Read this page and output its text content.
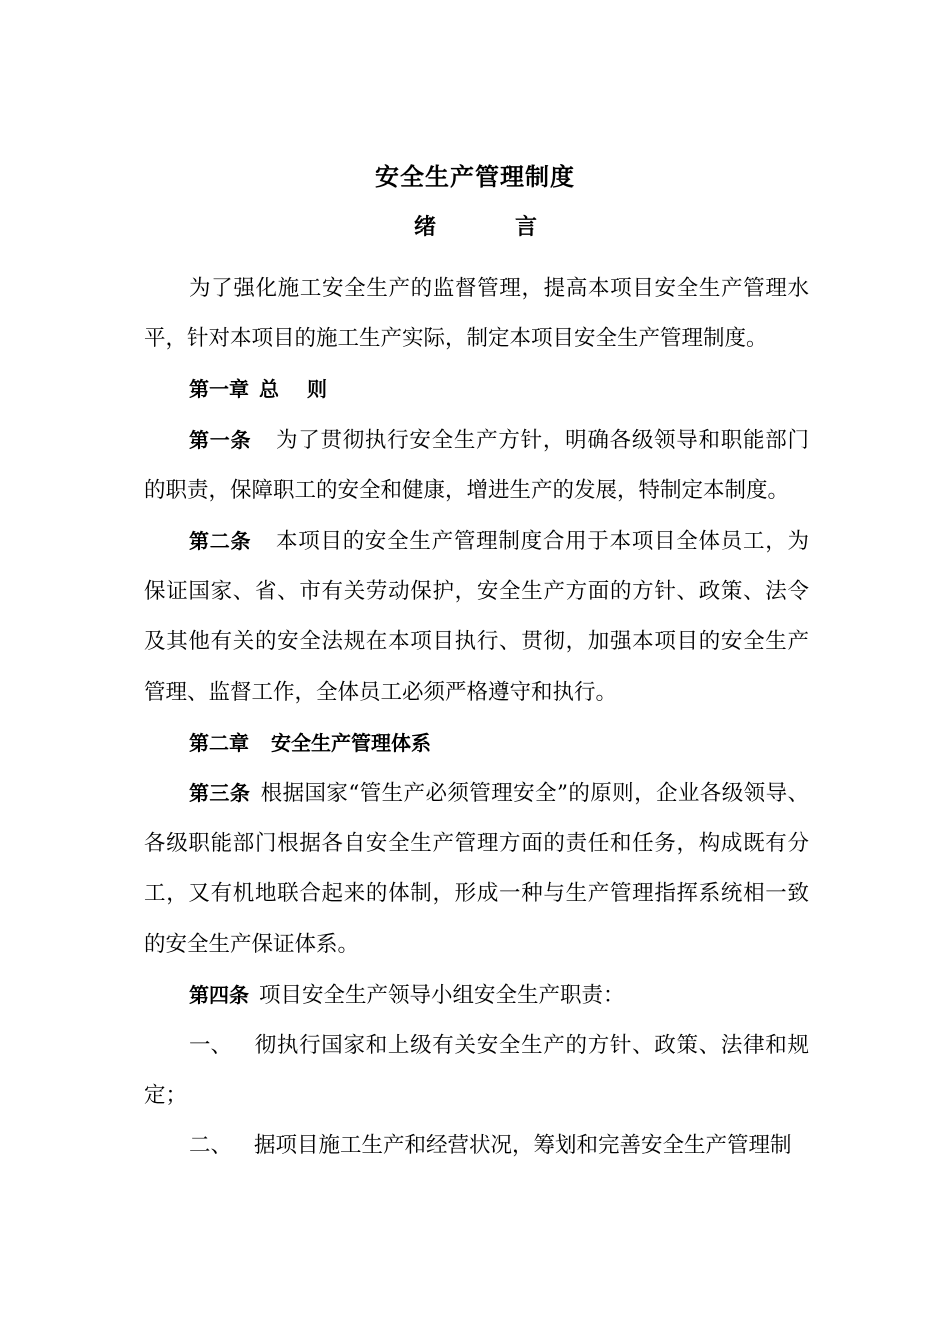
安全生产管理制度
绪	言

为了强化施工安全生产的监督管理，提高本项目安全生产管理水平，针对本项目的施工生产实际，制定本项目安全生产管理制度。

第一章 总 则

第一条 为了贯彻执行安全生产方针，明确各级领导和职能部门的职责，保障职工的安全和健康，增进生产的发展，特制定本制度。

第二条 本项目的安全生产管理制度合用于本项目全体员工，为保证国家、省、市有关劳动保护，安全生产方面的方针、政策、法令及其他有关的安全法规在本项目执行、贯彻，加强本项目的安全生产管理、监督工作，全体员工必须严格遵守和执行。

第二章 安全生产管理体系

第三条 根据国家“管生产必须管理安全”的原则，企业各级领导、各级职能部门根据各自安全生产管理方面的责任和任务，构成既有分工，又有机地联合起来的体制，形成一种与生产管理指挥系统相一致的安全生产保证体系。

第四条 项目安全生产领导小组安全生产职责：

一、 彻执行国家和上级有关安全生产的方针、政策、法律和规定；

二、 据项目施工生产和经营状况，筹划和完善安全生产管理制
